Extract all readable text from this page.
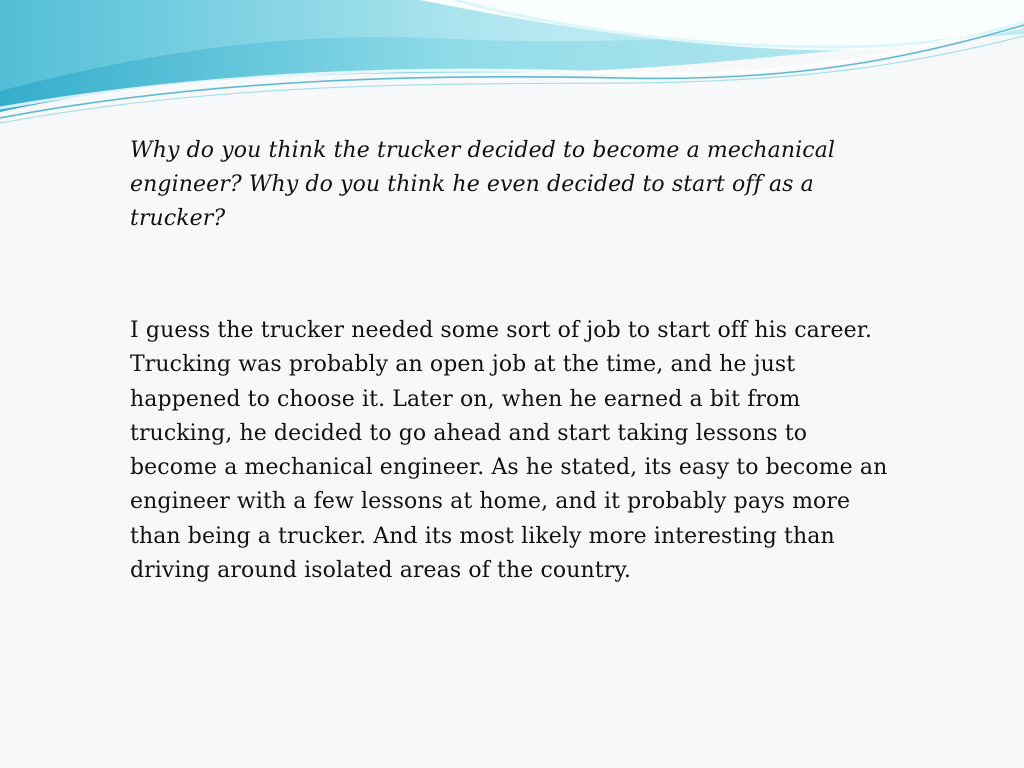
Why do you think the trucker decided to become a mechanical engineer? Why do you think he even decided to start off as a trucker?

I guess the trucker needed some sort of job to start off his career. Trucking was probably an open job at the time, and he just happened to choose it. Later on, when he earned a bit from trucking, he decided to go ahead and start taking lessons to become a mechanical engineer. As he stated, its easy to become an engineer with a few lessons at home, and it probably pays more than being a trucker. And its most likely more interesting than driving around isolated areas of the country.
